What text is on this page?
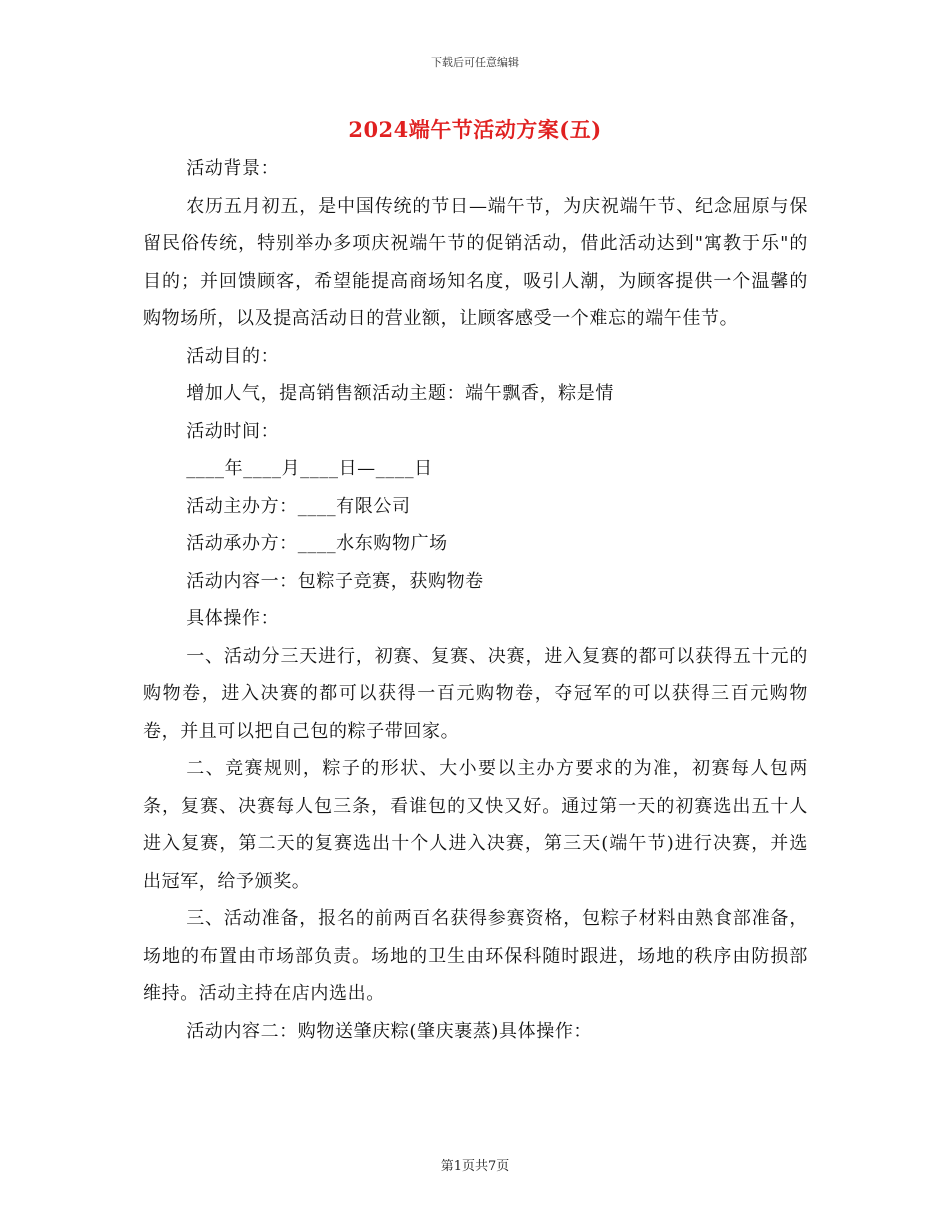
下载后可任意编辑
2024端午节活动方案(五)

活动背景：

农历五月初五，是中国传统的节日—端午节，为庆祝端午节、纪念屈原与保留民俗传统，特别举办多项庆祝端午节的促销活动，借此活动达到"寓教于乐"的目的；并回馈顾客，希望能提高商场知名度，吸引人潮，为顾客提供一个温馨的购物场所，以及提高活动日的营业额，让顾客感受一个难忘的端午佳节。

活动目的：

增加人气，提高销售额活动主题：端午飘香，粽是情

活动时间：

____年____月____日—____日

活动主办方：____有限公司

活动承办方：____水东购物广场

活动内容一：包粽子竞赛，获购物卷

具体操作：

一、活动分三天进行，初赛、复赛、决赛，进入复赛的都可以获得五十元的购物卷，进入决赛的都可以获得一百元购物卷，夺冠军的可以获得三百元购物卷，并且可以把自己包的粽子带回家。

二、竞赛规则，粽子的形状、大小要以主办方要求的为准，初赛每人包两条，复赛、决赛每人包三条，看谁包的又快又好。通过第一天的初赛选出五十人进入复赛，第二天的复赛选出十个人进入决赛，第三天(端午节)进行决赛，并选出冠军，给予颁奖。

三、活动准备，报名的前两百名获得参赛资格，包粽子材料由熟食部准备，场地的布置由市场部负责。场地的卫生由环保科随时跟进，场地的秩序由防损部维持。活动主持在店内选出。

活动内容二：购物送肇庆粽(肇庆裹蒸)具体操作：

第1页共7页
